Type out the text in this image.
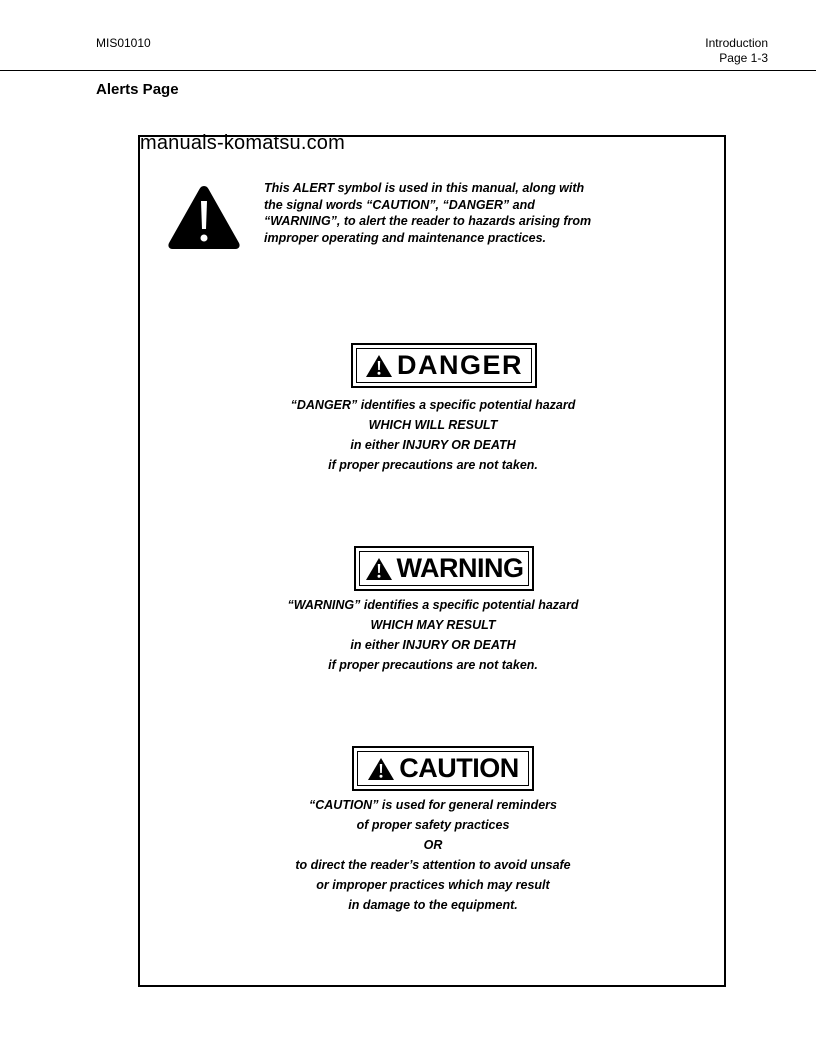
MIS01010	Introduction
Page 1-3
Alerts Page
manuals-komatsu.com
This ALERT symbol is used in this manual, along with
the signal words “CAUTION”, “DANGER” and
“WARNING”, to alert the reader to hazards arising from
improper operating and maintenance practices.
DANGER
“DANGER” identifies a specific potential hazard
WHICH WILL RESULT
in either INJURY OR DEATH
if proper precautions are not taken.
WARNING
“WARNING” identifies a specific potential hazard
WHICH MAY RESULT
in either INJURY OR DEATH
if proper precautions are not taken.
CAUTION
“CAUTION” is used for general reminders
of proper safety practices
OR
to direct the reader’s attention to avoid unsafe
or improper practices which may result
in damage to the equipment.
